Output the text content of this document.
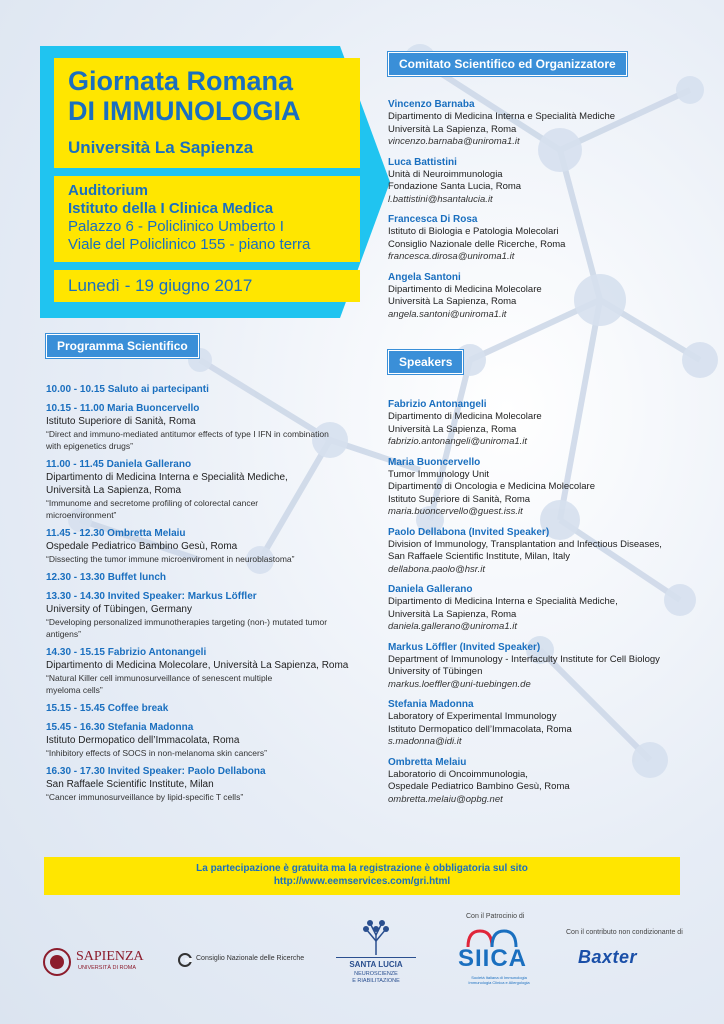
Giornata Romana
DI IMMUNOLOGIA
Università La Sapienza
Auditorium
Istituto della I Clinica Medica
Palazzo 6 - Policlinico Umberto I
Viale del Policlinico 155 - piano terra
Lunedì - 19 giugno 2017
Programma Scientifico
Comitato Scientifico ed Organizzatore
Speakers
10.00 - 10.15 Saluto ai partecipanti
10.15 - 11.00 Maria Buoncervello
Istituto Superiore di Sanità, Roma
“Direct and immuno-mediated antitumor effects of type I IFN in combination
with epigenetics drugs”
11.00 - 11.45 Daniela Gallerano
Dipartimento di Medicina Interna e Specialità Mediche,
Università La Sapienza, Roma
“Immunome and secretome profiling of colorectal cancer
microenvironment”
11.45 - 12.30 Ombretta Melaiu
Ospedale Pediatrico Bambino Gesù, Roma
“Dissecting the tumor immune microenviroment in neuroblastoma”
12.30 - 13.30 Buffet lunch
13.30 - 14.30 Invited Speaker: Markus Löffler
University of Tübingen, Germany
“Developing personalized immunotherapies targeting (non-) mutated tumor
antigens”
14.30 - 15.15 Fabrizio Antonangeli
Dipartimento di Medicina Molecolare, Università La Sapienza, Roma
“Natural Killer cell immunosurveillance of senescent multiple
myeloma cells”
15.15 - 15.45 Coffee break
15.45 - 16.30 Stefania Madonna
Istituto Dermopatico dell’Immacolata, Roma
“Inhibitory effects of SOCS in non-melanoma skin cancers”
16.30 - 17.30 Invited Speaker: Paolo Dellabona
San Raffaele Scientific Institute, Milan
“Cancer immunosurveillance by lipid-specific T cells”
Vincenzo Barnaba
Dipartimento di Medicina Interna e Specialità Mediche
Università La Sapienza, Roma
vincenzo.barnaba@uniroma1.it
Luca Battistini
Unità di Neuroimmunologia
Fondazione Santa Lucia, Roma
l.battistini@hsantalucia.it
Francesca Di Rosa
Istituto di Biologia e Patologia Molecolari
Consiglio Nazionale delle Ricerche, Roma
francesca.dirosa@uniroma1.it
Angela Santoni
Dipartimento di Medicina Molecolare
Università La Sapienza, Roma
angela.santoni@uniroma1.it
Fabrizio Antonangeli
Dipartimento di Medicina Molecolare
Università La Sapienza, Roma
fabrizio.antonangeli@uniroma1.it
Maria Buoncervello
Tumor Immunology Unit
Dipartimento di Oncologia e Medicina Molecolare
Istituto Superiore di Sanità, Roma
maria.buoncervello@guest.iss.it
Paolo Dellabona (Invited Speaker)
Division of Immunology, Transplantation and Infectious Diseases,
San Raffaele Scientific Institute, Milan, Italy
dellabona.paolo@hsr.it
Daniela Gallerano
Dipartimento di Medicina Interna e Specialità Mediche,
Università La Sapienza, Roma
daniela.gallerano@uniroma1.it
Markus Löffler (Invited Speaker)
Department of Immunology - Interfaculty Institute for Cell Biology
University of Tübingen
markus.loeffler@uni-tuebingen.de
Stefania Madonna
Laboratory of Experimental Immunology
Istituto Dermopatico dell’Immacolata, Roma
s.madonna@idi.it
Ombretta Melaiu
Laboratorio di Oncoimmunologia,
Ospedale Pediatrico Bambino Gesù, Roma
ombretta.melaiu@opbg.net
La partecipazione è gratuita ma la registrazione è obbligatoria sul sito
http://www.eemservices.com/gri.html
SAPIENZA
UNIVERSITÀ DI ROMA
Consiglio Nazionale delle Ricerche
SANTA LUCIA
NEUROSCIENZE
E RIABILITAZIONE
Con il Patrocinio di
SIICA
Società Italiana di Immunologia
Immunologia Clinica e Allergologia
Con il contributo non condizionante di
Baxter
